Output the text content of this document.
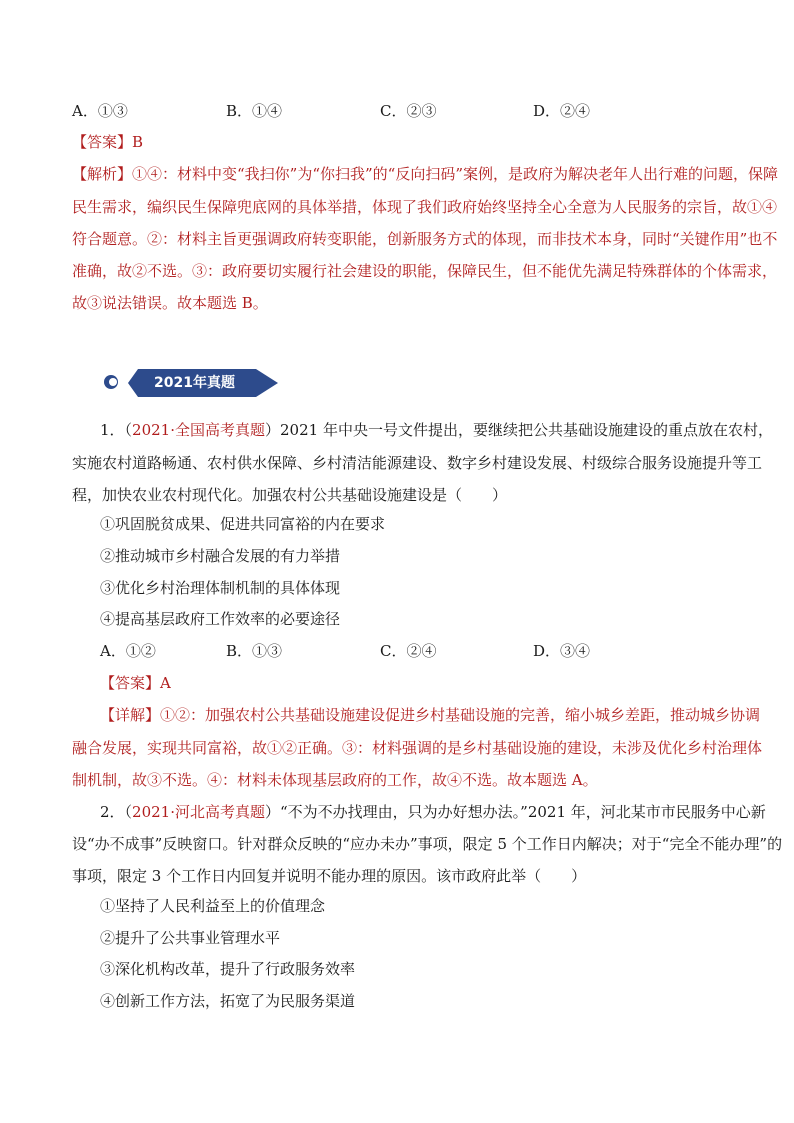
A．①③	B．①④	C．②③	D．②④
【答案】B
【解析】①④：材料中变“我扫你”为“你扫我”的“反向扫码”案例，是政府为解决老年人出行难的问题，保障
民生需求，编织民生保障兜底网的具体举措，体现了我们政府始终坚持全心全意为人民服务的宗旨，故①④
符合题意。②：材料主旨更强调政府转变职能，创新服务方式的体现，而非技术本身，同时“关键作用”也不
准确，故②不选。③：政府要切实履行社会建设的职能，保障民生，但不能优先满足特殊群体的个体需求，
故③说法错误。故本题选 B。
2021年真题
1．（2021·全国高考真题）2021 年中央一号文件提出，要继续把公共基础设施建设的重点放在农村，
实施农村道路畅通、农村供水保障、乡村清洁能源建设、数字乡村建设发展、村级综合服务设施提升等工
程，加快农业农村现代化。加强农村公共基础设施建设是（　　）
①巩固脱贫成果、促进共同富裕的内在要求
②推动城市乡村融合发展的有力举措
③优化乡村治理体制机制的具体体现
④提高基层政府工作效率的必要途径
A．①②	B．①③	C．②④	D．③④
【答案】A
【详解】①②：加强农村公共基础设施建设促进乡村基础设施的完善，缩小城乡差距，推动城乡协调
融合发展，实现共同富裕，故①②正确。③：材料强调的是乡村基础设施的建设，未涉及优化乡村治理体
制机制，故③不选。④：材料未体现基层政府的工作，故④不选。故本题选 A。
2．（2021·河北高考真题）“不为不办找理由，只为办好想办法。”2021 年，河北某市市民服务中心新
设“办不成事”反映窗口。针对群众反映的“应办未办”事项，限定 5 个工作日内解决；对于“完全不能办理”的
事项，限定 3 个工作日内回复并说明不能办理的原因。该市政府此举（　　）
①坚持了人民利益至上的价值理念
②提升了公共事业管理水平
③深化机构改革，提升了行政服务效率
④创新工作方法，拓宽了为民服务渠道
